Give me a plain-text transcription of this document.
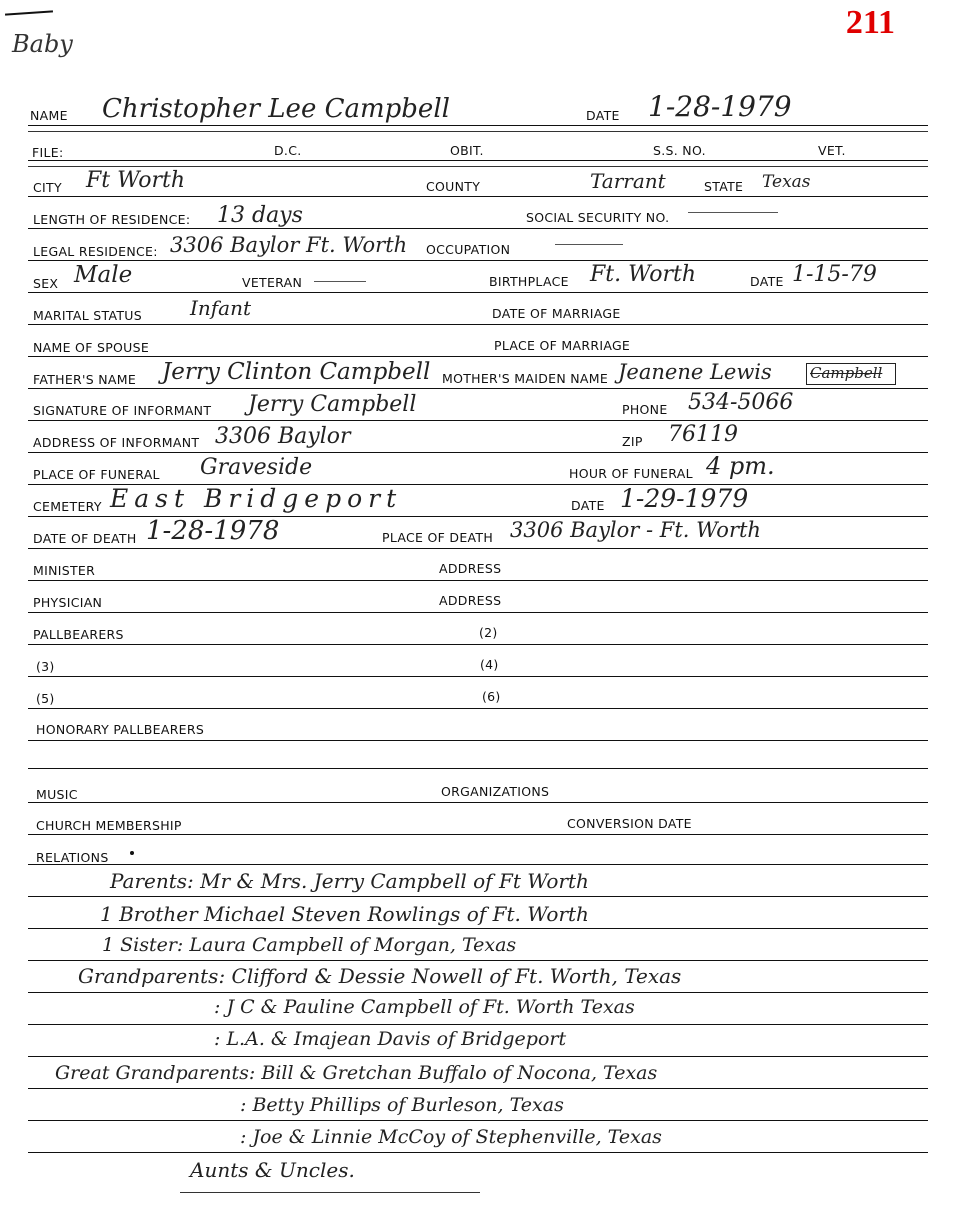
Baby
211
NAME Christopher Lee Campbell	DATE 1-28-1979
FILE:	D.C.	OBIT.	S.S. NO.	VET.
CITY Ft Worth	COUNTY	Tarrant	STATE Texas
LENGTH OF RESIDENCE: 13 days	SOCIAL SECURITY NO.
LEGAL RESIDENCE: 3306 Baylor Ft. Worth OCCUPATION
SEX Male	VETERAN	BIRTHPLACE Ft. Worth	DATE 1-15-79
MARITAL STATUS Infant	DATE OF MARRIAGE
NAME OF SPOUSE	PLACE OF MARRIAGE
FATHER'S NAME Jerry Clinton Campbell MOTHER'S MAIDEN NAME Jeanene Lewis	Campbell
SIGNATURE OF INFORMANT Jerry Campbell	PHONE 534-5066
ADDRESS OF INFORMANT 3306 Baylor	ZIP 76119
PLACE OF FUNERAL Graveside	HOUR OF FUNERAL 4 pm.
CEMETERY East Bridgeport	DATE 1-29-1979
DATE OF DEATH 1-28-1978	PLACE OF DEATH 3306 Baylor - Ft. Worth
MINISTER	ADDRESS
PHYSICIAN	ADDRESS
PALLBEARERS	(2)
(3)	(4)
(5)	(6)
HONORARY PALLBEARERS
MUSIC	ORGANIZATIONS
CHURCH MEMBERSHIP	CONVERSION DATE
RELATIONS
Parents: Mr & Mrs. Jerry Campbell of Ft Worth
1 Brother Michael Steven Rowlings of Ft. Worth
1 Sister: Laura Campbell of Morgan, Texas
Grandparents: Clifford & Dessie Nowell of Ft. Worth, Texas
: J C & Pauline Campbell of Ft. Worth Texas
: L.A. & Imajean Davis of Bridgeport
Great Grandparents: Bill & Gretchan Buffalo of Nocona, Texas
: Betty Phillips of Burleson, Texas
: Joe & Linnie McCoy of Stephenville, Texas
Aunts & Uncles.
